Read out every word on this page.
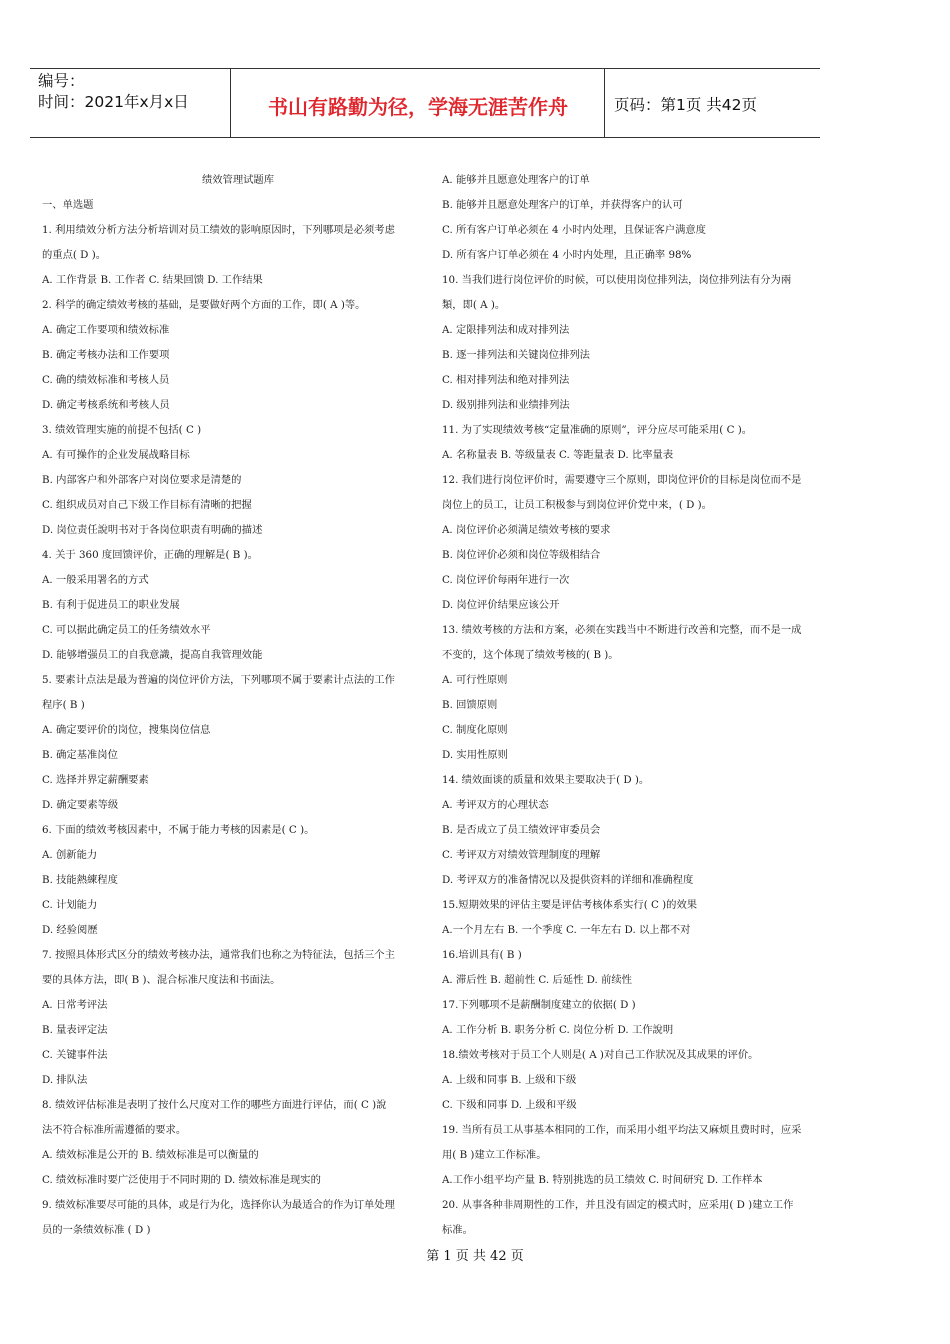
编号：
时间：2021年x月x日	书山有路勤为径，学海无涯苦作舟	页码：第1页 共42页
绩效管理试题库
一、单选题
1. 利用绩效分析方法分析培训对员工绩效的影响原因时，下列哪项是必须考虑
的重点( D )。
A. 工作背景 B. 工作者 C. 结果回馈 D. 工作结果
2. 科学的确定绩效考核的基础，是要做好两个方面的工作，即( A )等。
A. 确定工作要项和绩效标准
B. 确定考核办法和工作要项
C. 确的绩效标准和考核人员
D. 确定考核系统和考核人员
3. 绩效管理实施的前提不包括( C )
A. 有可操作的企业发展战略目标
B. 内部客户和外部客户对岗位要求是清楚的
C. 组织成员对自己下级工作目标有清晰的把握
D. 岗位责任說明书对于各岗位职责有明确的描述
4. 关于 360 度回馈评价，正确的理解是( B )。
A. 一般采用署名的方式
B. 有利于促进员工的职业发展
C. 可以据此确定员工的任务绩效水平
D. 能够增强员工的自我意識，提高自我管理效能
5. 要素计点法是最为普遍的岗位评价方法，下列哪项不属于要素计点法的工作
程序( B )
A. 确定要评价的岗位，搜集岗位信息
B. 确定基准岗位
C. 选择并界定薪酬要素
D. 确定要素等级
6. 下面的绩效考核因素中，不属于能力考核的因素是( C )。
A. 创新能力
B. 技能熱練程度
C. 计划能力
D. 经验阅歷
7. 按照具体形式区分的绩效考核办法，通常我们也称之为特征法，包括三个主
要的具体方法，即( B )、混合标准尺度法和书面法。
A. 日常考评法
B. 量表评定法
C. 关键事件法
D. 排队法
8. 绩效评估标准是表明了按什么尺度对工作的哪些方面进行评估，而( C )說
法不符合标准所需遵循的要求。
A. 绩效标准是公开的 B. 绩效标准是可以衡量的
C. 绩效标准时要广泛使用于不同时期的 D. 绩效标准是现实的
9. 绩效标准要尽可能的具体，或是行为化，选择你认为最适合的作为订单处理
员的一条绩效标准 ( D )
A. 能够并且愿意处理客户的订单
B. 能够并且愿意处理客户的订单，并获得客户的认可
C. 所有客户订单必须在 4 小时内处理，且保证客户满意度
D. 所有客户订单必须在 4 小时内处理，且正确率 98%
10. 当我们进行岗位评价的时候，可以使用岗位排列法，岗位排列法有分为兩
類，即( A )。
A. 定限排列法和成对排列法
B. 逐一排列法和关键岗位排列法
C. 相对排列法和绝对排列法
D. 级别排列法和业绩排列法
11. 为了实现绩效考核“定量准确的原则”，评分应尽可能采用( C )。
A. 名称量表 B. 等级量表 C. 等距量表 D. 比率量表
12. 我们进行岗位评价时，需要遵守三个原则，即岗位评价的目标是岗位而不是
岗位上的员工，让员工积极参与到岗位评价党中来，( D )。
A. 岗位评价必须满足绩效考核的要求
B. 岗位评价必须和岗位等级相结合
C. 岗位评价每兩年进行一次
D. 岗位评价结果应该公开
13. 绩效考核的方法和方案，必须在实践当中不断进行改善和完整，而不是一成
不变的，这个体现了绩效考核的( B )。
A. 可行性原则
B. 回馈原则
C. 制度化原则
D. 实用性原则
14. 绩效面谈的质量和效果主要取决于( D )。
A. 考评双方的心理状态
B. 是否成立了员工绩效评审委员会
C. 考评双方对绩效管理制度的理解
D. 考评双方的准备情况以及提供资料的详细和准确程度
15.短期效果的评估主要是评估考核体系实行( C )的效果
A.一个月左右 B. 一个季度 C. 一年左右 D. 以上都不对
16.培训具有( B )
A. 滞后性 B. 超前性 C. 后延性 D. 前续性
17.下列哪项不是薪酬制度建立的依据( D )
A. 工作分析 B. 职务分析 C. 岗位分析 D. 工作說明
18.绩效考核对于员工个人则是( A )对自己工作狀况及其成果的评价。
A. 上级和同事 B. 上级和下级
C. 下级和同事 D. 上级和平级
19. 当所有员工从事基本相同的工作，而采用小组平均法又麻烦且费时时，应采
用( B )建立工作标准。
A.工作小组平均产量 B. 特别挑选的员工绩效 C. 时间研究 D. 工作样本
20. 从事各种非周期性的工作，并且没有固定的模式时，应采用( D )建立工作
标准。
第 1 页 共 42 页
